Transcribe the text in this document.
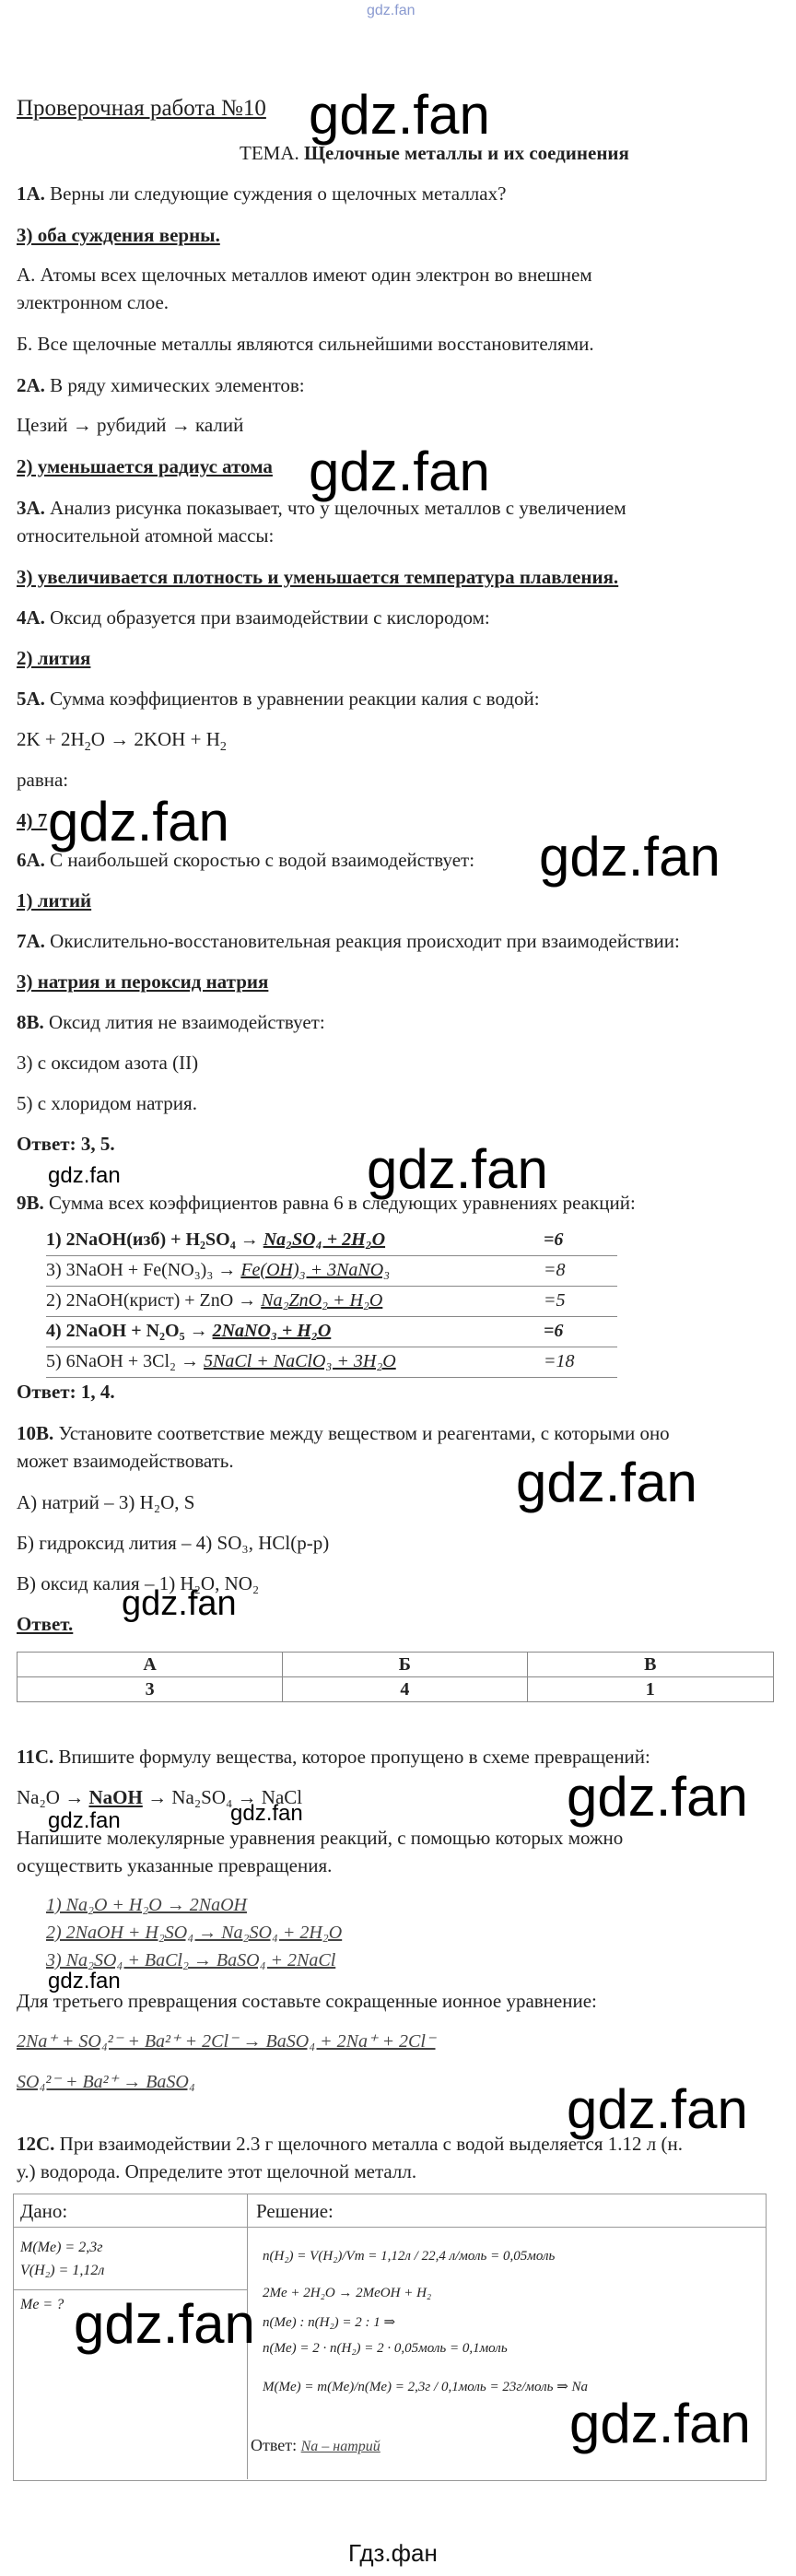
gdz.fan
Проверочная работа №10
ТЕМА. Щелочные металлы и их соединения
1А. Верны ли следующие суждения о щелочных металлах?
3) оба суждения верны.
А. Атомы всех щелочных металлов имеют один электрон во внешнем
электронном слое.
Б. Все щелочные металлы являются сильнейшими восстановителями.
2А. В ряду химических элементов:
Цезий → рубидий → калий
2) уменьшается радиус атома
3А. Анализ рисунка показывает, что у щелочных металлов с увеличением
относительной атомной массы:
3) увеличивается плотность и уменьшается температура плавления.
4А. Оксид образуется при взаимодействии с кислородом:
2) лития
5А. Сумма коэффициентов в уравнении реакции калия с водой:
$2K + 2H_2O \to 2KOH + H_2$
равна:
4) 7
6А. С наибольшей скоростью с водой взаимодействует:
1) литий
7А. Окислительно-восстановительная реакция происходит при взаимодействии:
3) натрия и пероксид натрия
8В. Оксид лития не взаимодействует:
3) с оксидом азота (II)
5) с хлоридом натрия.
Ответ: 3, 5.
9В. Сумма всех коэффициентов равна 6 в следующих уравнениях реакций:
1) 2NaOH(изб) + H₂SO₄ → Na₂SO₄ + 2H₂O	=6
3) 3NaOH + Fe(NO₃)₃ → Fe(OH)₃ + 3NaNO₃	=8
2) 2NaOH(крист) + ZnO → Na₂ZnO₂ + H₂O	=5
4) 2NaOH + N₂O₅ → 2NaNO₃ + H₂O	=6
5) 6NaOH + 3Cl₂ → 5NaCl + NaClO₃ + 3H₂O	=18
Ответ: 1, 4.
10В. Установите соответствие между веществом и реагентами, с которыми оно
может взаимодействовать.
А) натрий – 3) H₂O, S
Б) гидроксид лития – 4) SO₃, HCl(р-р)
В) оксид калия – 1) H₂O, NO₂
Ответ.
А	Б	В
3	4	1
11С. Впишите формулу вещества, которое пропущено в схеме превращений:
Na₂O → NaOH → Na₂SO₄ → NaCl
Напишите молекулярные уравнения реакций, с помощью которых можно
осуществить указанные превращения.
1) Na₂O + H₂O → 2NaOH
2) 2NaOH + H₂SO₄ → Na₂SO₄ + 2H₂O
3) Na₂SO₄ + BaCl₂ → BaSO₄ + 2NaCl
Для третьего превращения составьте сокращенные ионное уравнение:
2Na⁺ + SO₄²⁻ + Ba²⁺ + 2Cl⁻ → BaSO₄ + 2Na⁺ + 2Cl⁻
SO₄²⁻ + Ba²⁺ → BaSO₄
12С. При взаимодействии 2.3 г щелочного металла с водой выделяется 1.12 л (н.
у.) водорода. Определите этот щелочной металл.
Дано:	Решение:
M(Me) = 2,3г
V(H₂) = 1,12л
Me = ?
n(H₂) = V(H₂)/Vm = 1,12л / 22,4 л/моль = 0,05моль
2Me + 2H₂O → 2MeOH + H₂
n(Me) : n(H₂) = 2 : 1 ⇒
n(Me) = 2 · n(H₂) = 2 · 0,05моль = 0,1моль
M(Me) = m(Me)/n(Me) = 2,3г / 0,1моль = 23г/моль ⇒ Na
Ответ: Na – натрий
gdz.fan
gdz.fan
gdz.fan
gdz.fan
gdz.fan	gdz.fan
gdz.fan
gdz.fan
gdz.fan
gdz.fan	gdz.fan
gdz.fan
gdz.fan
gdz.fan
gdz.fan
Гдз.фан
